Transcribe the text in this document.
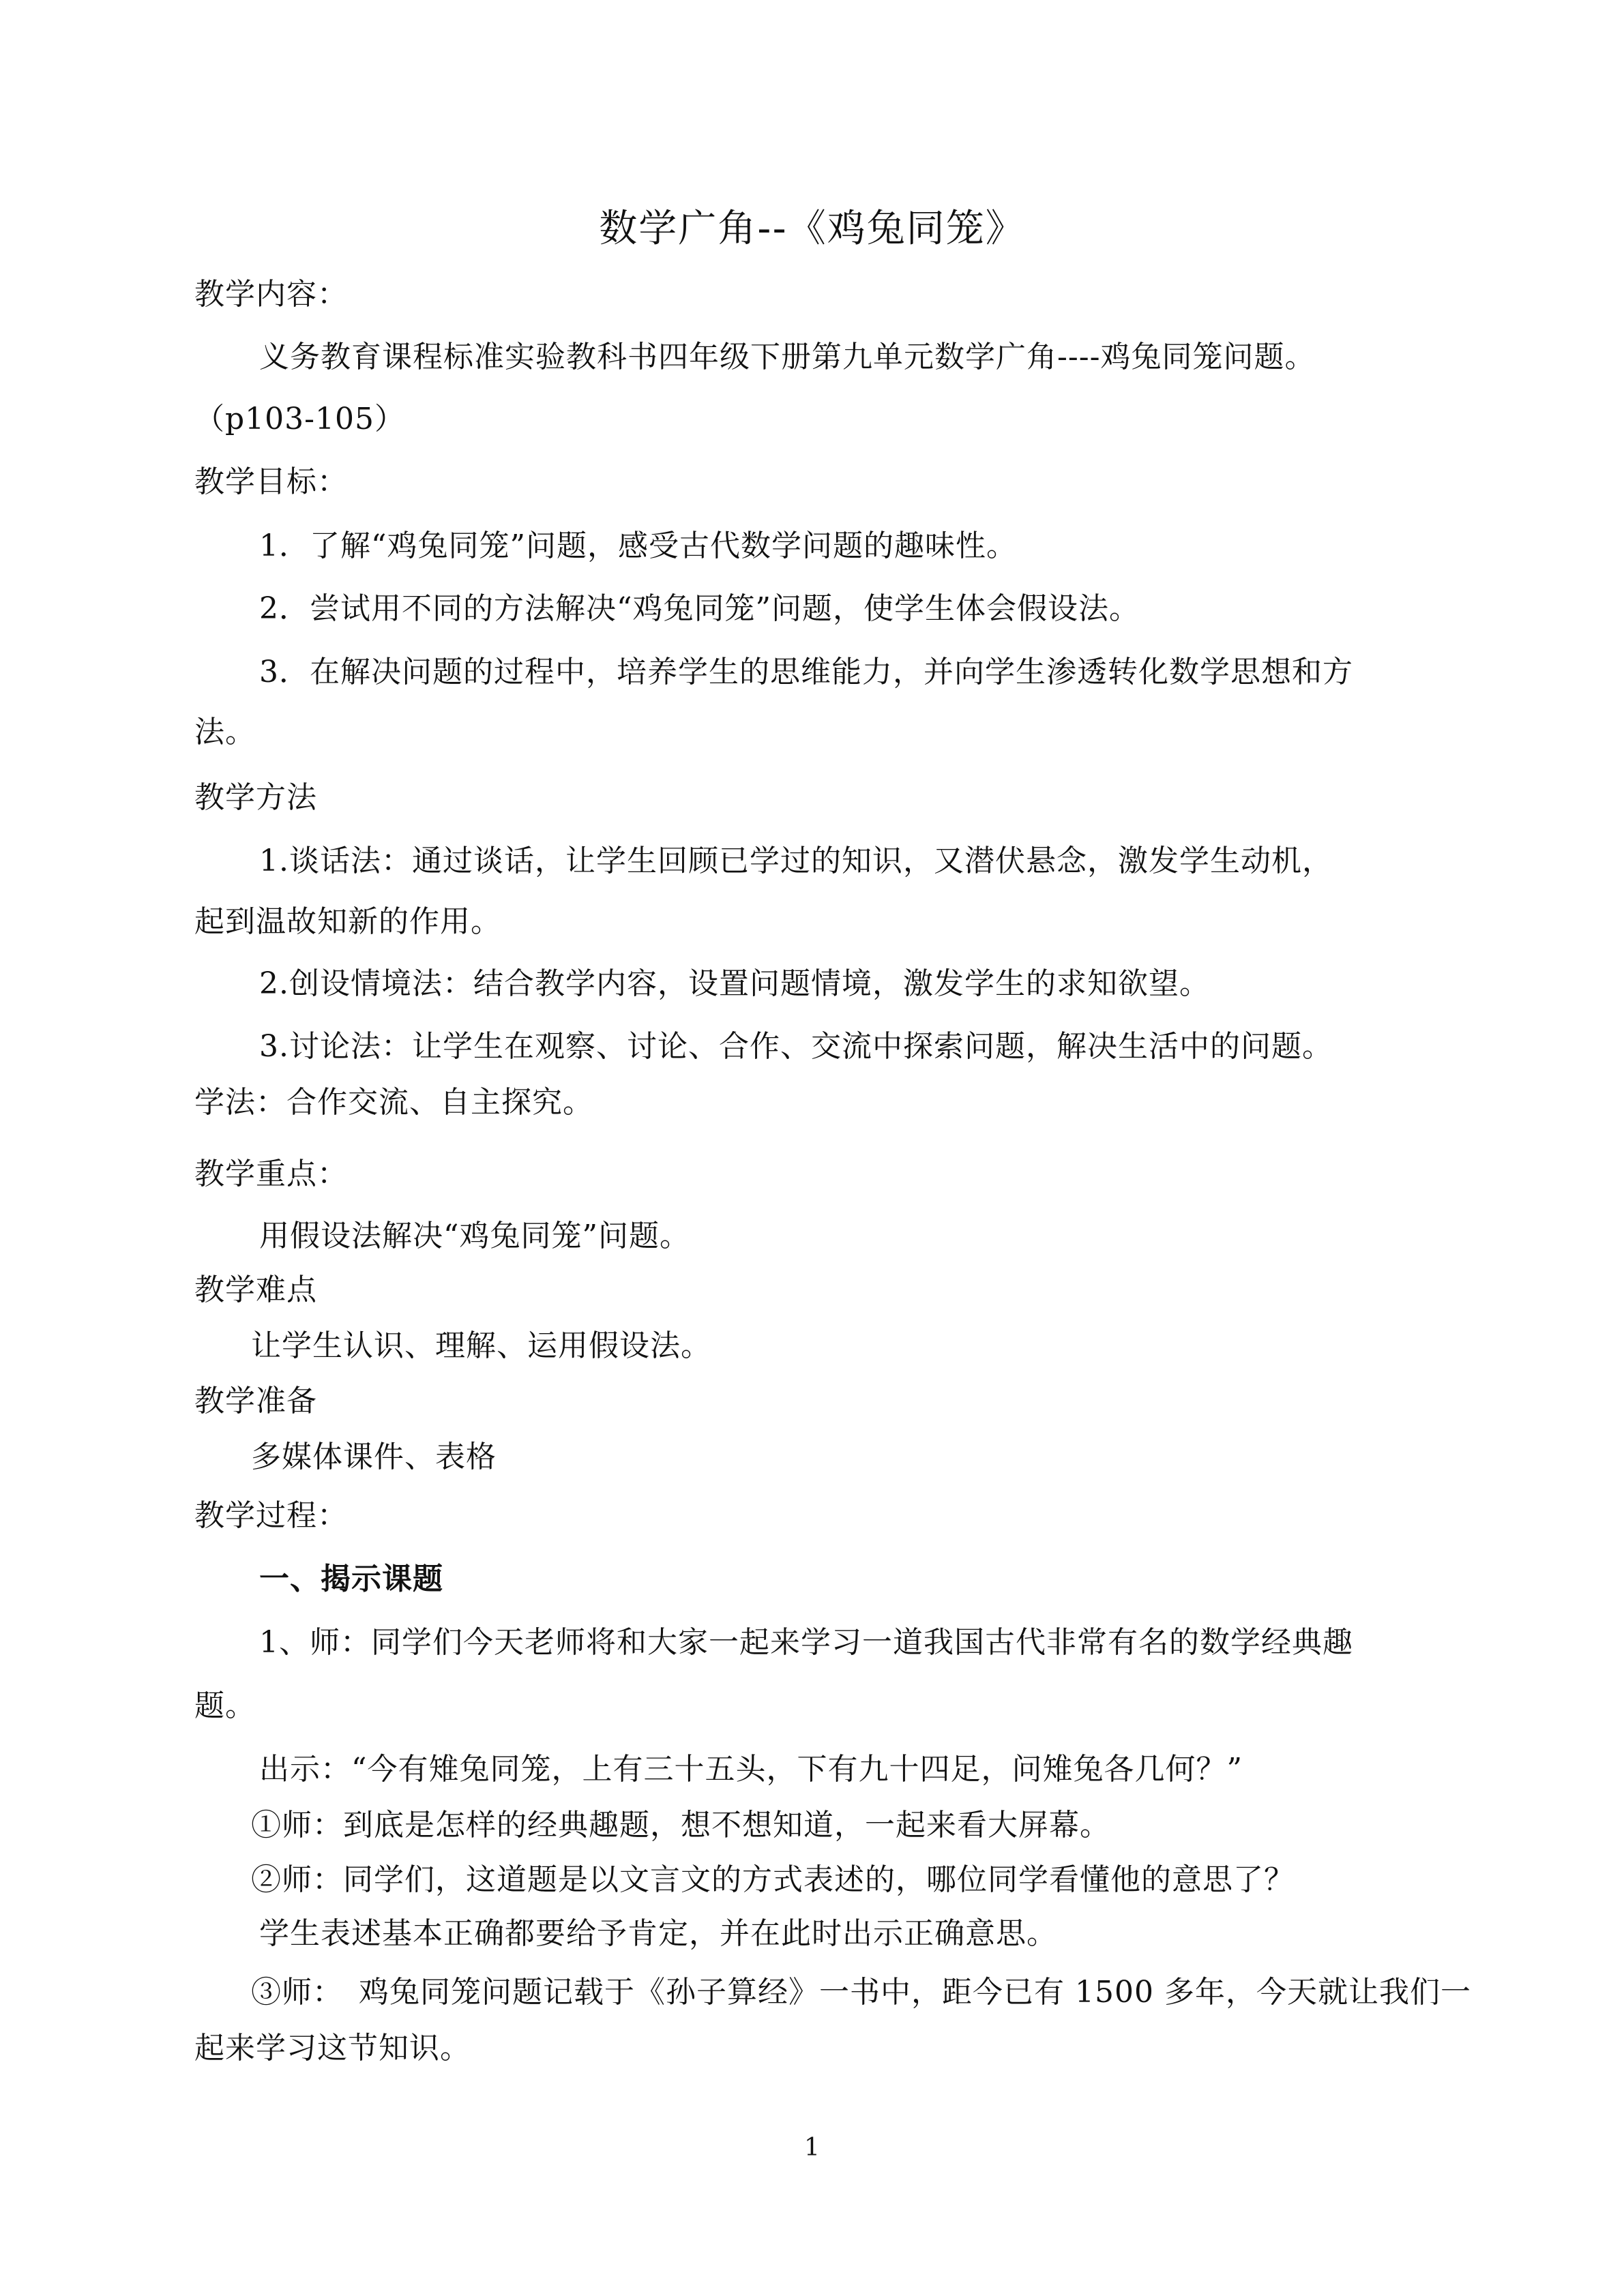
数学广角--《鸡兔同笼》
教学内容：
义务教育课程标准实验教科书四年级下册第九单元数学广角----鸡兔同笼问题。
（p103-105）
教学目标：
1．了解“鸡兔同笼”问题，感受古代数学问题的趣味性。
2．尝试用不同的方法解决“鸡兔同笼”问题，使学生体会假设法。
3．在解决问题的过程中，培养学生的思维能力，并向学生渗透转化数学思想和方
法。
教学方法
1.谈话法：通过谈话，让学生回顾已学过的知识，又潜伏悬念，激发学生动机，
起到温故知新的作用。
2.创设情境法：结合教学内容，设置问题情境，激发学生的求知欲望。
3.讨论法：让学生在观察、讨论、合作、交流中探索问题，解决生活中的问题。
学法：合作交流、自主探究。
教学重点：
用假设法解决“鸡兔同笼”问题。
教学难点
让学生认识、理解、运用假设法。
教学准备
多媒体课件、表格
教学过程：
一、揭示课题
1、师：同学们今天老师将和大家一起来学习一道我国古代非常有名的数学经典趣
题。
出示：“今有雉兔同笼，上有三十五头，下有九十四足，问雉兔各几何？”
①师：到底是怎样的经典趣题，想不想知道，一起来看大屏幕。
②师：同学们，这道题是以文言文的方式表述的，哪位同学看懂他的意思了？
学生表述基本正确都要给予肯定，并在此时出示正确意思。
③师：　鸡兔同笼问题记载于《孙子算经》一书中，距今已有 1500 多年，今天就让我们一
起来学习这节知识。
1
